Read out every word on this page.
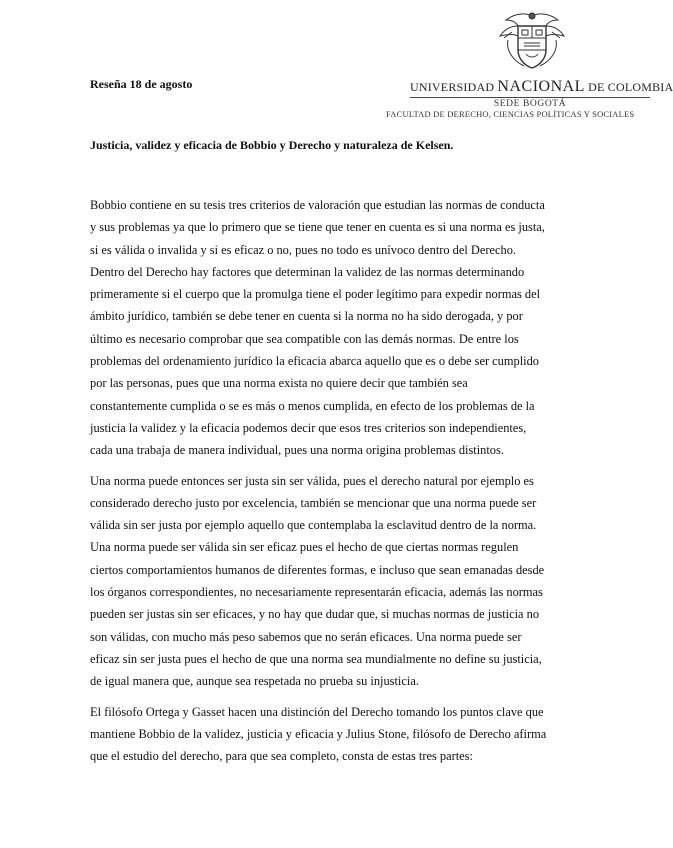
UNIVERSIDAD NACIONAL DE COLOMBIA
SEDE BOGOTÁ
FACULTAD DE DERECHO, CIENCIAS POLÍTICAS Y SOCIALES
Reseña 18 de agosto
Justicia, validez y eficacia de Bobbio y Derecho y naturaleza de Kelsen.

Bobbio contiene en su tesis tres criterios de valoración que estudian las normas de conducta
y sus problemas ya que lo primero que se tiene que tener en cuenta es si una norma es justa,
si es válida o invalida y si es eficaz o no, pues no todo es unívoco dentro del Derecho.
Dentro del Derecho hay factores que determinan la validez de las normas determinando
primeramente si el cuerpo que la promulga tiene el poder legítimo para expedir normas del
ámbito jurídico, también se debe tener en cuenta si la norma no ha sido derogada, y por
último es necesario comprobar que sea compatible con las demás normas. De entre los
problemas del ordenamiento jurídico la eficacia abarca aquello que es o debe ser cumplido
por las personas, pues que una norma exista no quiere decir que también sea
constantemente cumplida o se es más o menos cumplida, en efecto de los problemas de la
justicia la validez y la eficacia podemos decir que esos tres criterios son independientes,
cada una trabaja de manera individual, pues una norma origina problemas distintos.

Una norma puede entonces ser justa sin ser válida, pues el derecho natural por ejemplo es
considerado derecho justo por excelencia, también se mencionar que una norma puede ser
válida sin ser justa por ejemplo aquello que contemplaba la esclavitud dentro de la norma.
Una norma puede ser válida sin ser eficaz pues el hecho de que ciertas normas regulen
ciertos comportamientos humanos de diferentes formas, e incluso que sean emanadas desde
los órganos correspondientes, no necesariamente representarán eficacia, además las normas
pueden ser justas sin ser eficaces, y no hay que dudar que, si muchas normas de justicia no
son válidas, con mucho más peso sabemos que no serán eficaces. Una norma puede ser
eficaz sin ser justa pues el hecho de que una norma sea mundialmente no define su justicia,
de igual manera que, aunque sea respetada no prueba su injusticia.

El filósofo Ortega y Gasset hacen una distinción del Derecho tomando los puntos clave que
mantiene Bobbio de la validez, justicia y eficacia y Julius Stone, filósofo de Derecho afirma
que el estudio del derecho, para que sea completo, consta de estas tres partes:
